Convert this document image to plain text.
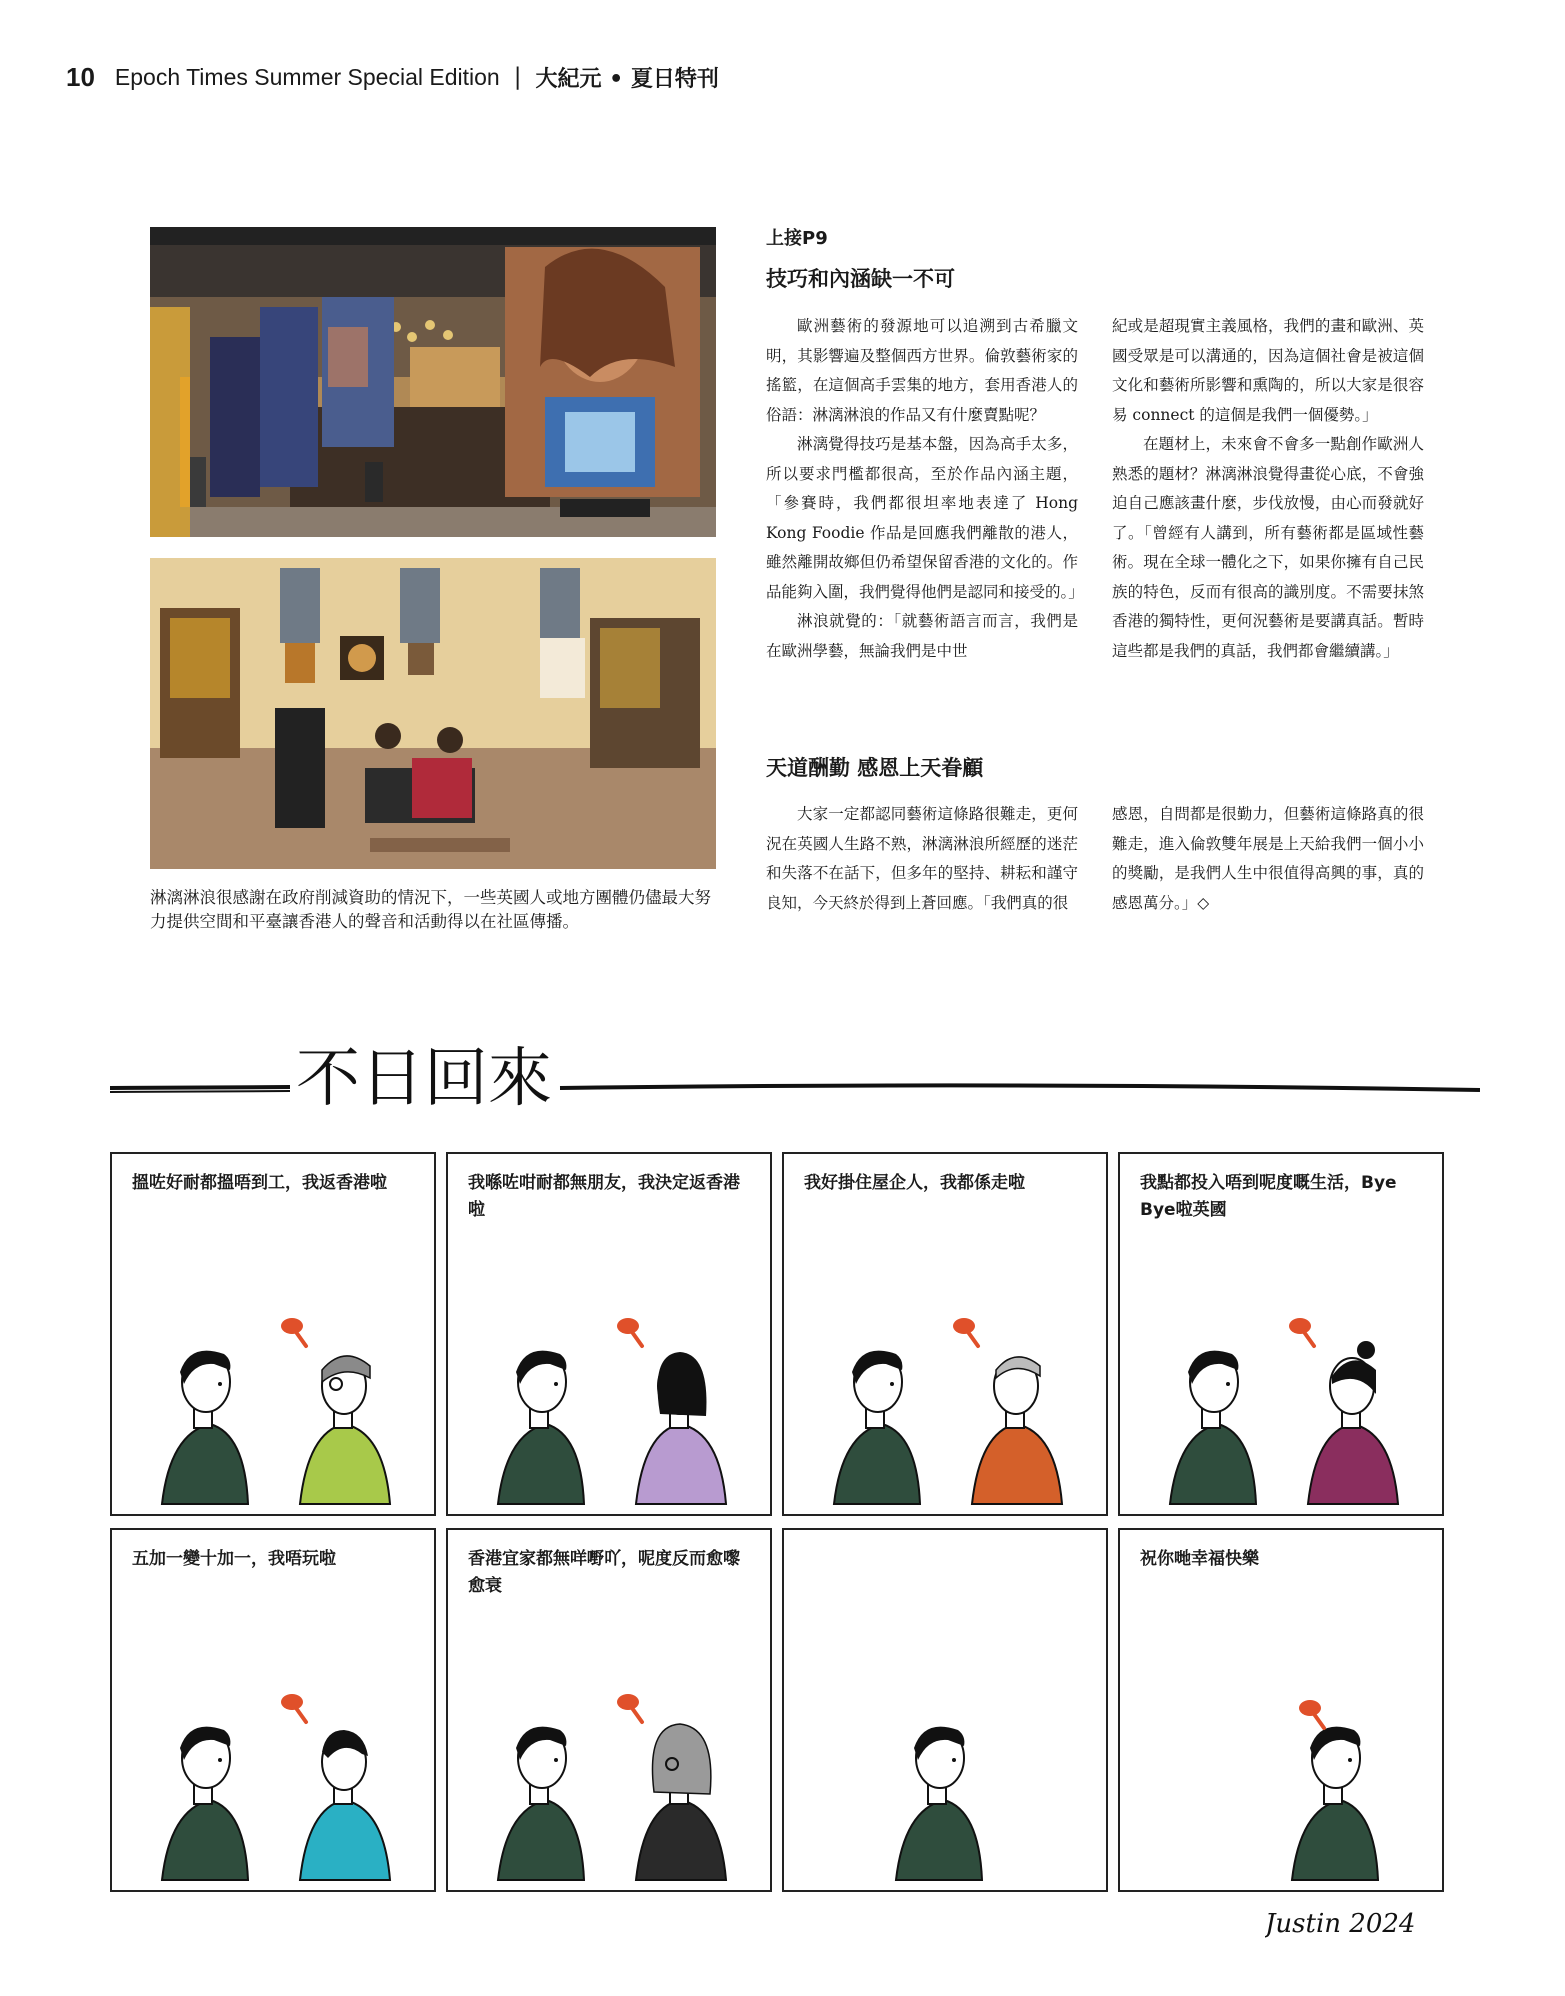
10 Epoch Times Summer Special Edition | 大紀元 • 夏日特刊
淋漓淋浪很感謝在政府削減資助的情況下，一些英國人或地方團體仍儘最大努力提供空間和平臺讓香港人的聲音和活動得以在社區傳播。
上接P9
技巧和內涵缺一不可

歐洲藝術的發源地可以追溯到古希臘文明，其影響遍及整個西方世界。倫敦藝術家的搖籃，在這個高手雲集的地方，套用香港人的俗語：淋漓淋浪的作品又有什麼賣點呢？

淋漓覺得技巧是基本盤，因為高手太多，所以要求門檻都很高，至於作品內涵主題，「參賽時，我們都很坦率地表達了 Hong Kong Foodie 作品是回應我們離散的港人，雖然離開故鄉但仍希望保留香港的文化的。作品能夠入圍，我們覺得他們是認同和接受的。」

淋浪就覺的：「就藝術語言而言，我們是在歐洲學藝，無論我們是中世

紀或是超現實主義風格，我們的畫和歐洲、英國受眾是可以溝通的，因為這個社會是被這個文化和藝術所影響和熏陶的，所以大家是很容易 connect 的這個是我們一個優勢。」

在題材上，未來會不會多一點創作歐洲人熟悉的題材？淋漓淋浪覺得畫從心底，不會強迫自己應該畫什麼，步伐放慢，由心而發就好了。「曾經有人講到，所有藝術都是區域性藝術。現在全球一體化之下，如果你擁有自己民族的特色，反而有很高的識別度。不需要抹煞香港的獨特性，更何況藝術是要講真話。暫時這些都是我們的真話，我們都會繼續講。」

天道酬勤 感恩上天眷顧

大家一定都認同藝術這條路很難走，更何況在英國人生路不熟，淋漓淋浪所經歷的迷茫和失落不在話下，但多年的堅持、耕耘和謹守良知，今天終於得到上蒼回應。「我們真的很

感恩，自問都是很勤力，但藝術這條路真的很難走，進入倫敦雙年展是上天給我們一個小小的獎勵，是我們人生中很值得高興的事，真的感恩萬分。」◇

不日回來
搵咗好耐都搵唔到工，我返香港啦	我喺咗咁耐都無朋友，我決定返香港啦
我好掛住屋企人，我都係走啦	我點都投入唔到呢度嘅生活，Bye Bye啦英國
五加一變十加一，我唔玩啦	香港宜家都無咩嘢吖，呢度反而愈嚟愈衰
祝你哋幸福快樂
Justin 2024
